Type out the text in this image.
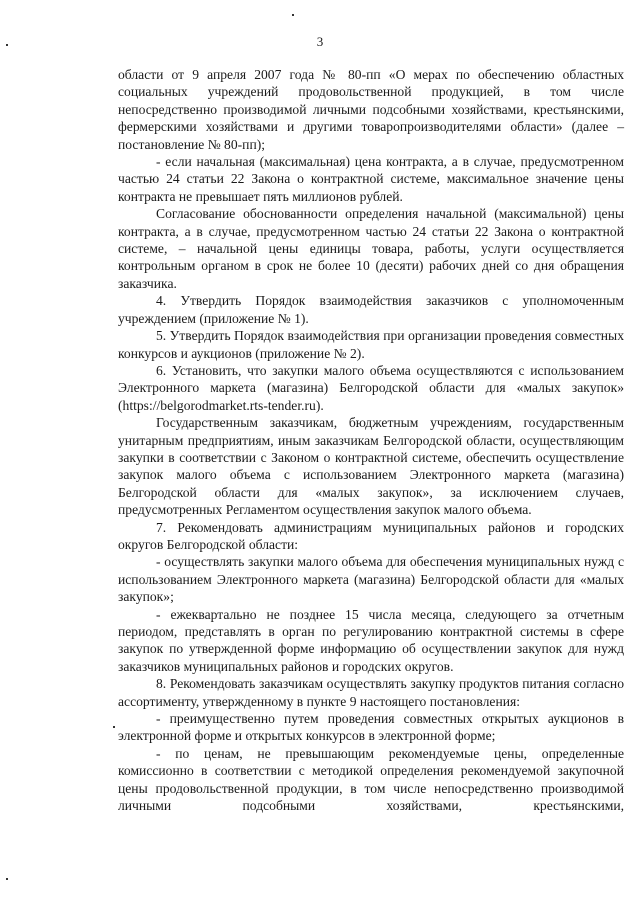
3

области от 9 апреля 2007 года № 80-пп «О мерах по обеспечению областных социальных учреждений продовольственной продукцией, в том числе непосредственно производимой личными подсобными хозяйствами, крестьянскими, фермерскими хозяйствами и другими товаропроизводителями области» (далее – постановление № 80-пп);

- если начальная (максимальная) цена контракта, а в случае, предусмотренном частью 24 статьи 22 Закона о контрактной системе, максимальное значение цены контракта не превышает пять миллионов рублей.

Согласование обоснованности определения начальной (максимальной) цены контракта, а в случае, предусмотренном частью 24 статьи 22 Закона о контрактной системе, – начальной цены единицы товара, работы, услуги осуществляется контрольным органом в срок не более 10 (десяти) рабочих дней со дня обращения заказчика.

4. Утвердить Порядок взаимодействия заказчиков с уполномоченным учреждением (приложение № 1).

5. Утвердить Порядок взаимодействия при организации проведения совместных конкурсов и аукционов (приложение № 2).

6. Установить, что закупки малого объема осуществляются с использованием Электронного маркета (магазина) Белгородской области для «малых закупок» (https://belgorodmarket.rts-tender.ru).

Государственным заказчикам, бюджетным учреждениям, государственным унитарным предприятиям, иным заказчикам Белгородской области, осуществляющим закупки в соответствии с Законом о контрактной системе, обеспечить осуществление закупок малого объема с использованием Электронного маркета (магазина) Белгородской области для «малых закупок», за исключением случаев, предусмотренных Регламентом осуществления закупок малого объема.

7. Рекомендовать администрациям муниципальных районов и городских округов Белгородской области:

- осуществлять закупки малого объема для обеспечения муниципальных нужд с использованием Электронного маркета (магазина) Белгородской области для «малых закупок»;

- ежеквартально не позднее 15 числа месяца, следующего за отчетным периодом, представлять в орган по регулированию контрактной системы в сфере закупок по утвержденной форме информацию об осуществлении закупок для нужд заказчиков муниципальных районов и городских округов.

8. Рекомендовать заказчикам осуществлять закупку продуктов питания согласно ассортименту, утвержденному в пункте 9 настоящего постановления:

- преимущественно путем проведения совместных открытых аукционов в электронной форме и открытых конкурсов в электронной форме;

- по ценам, не превышающим рекомендуемые цены, определенные комиссионно в соответствии с методикой определения рекомендуемой закупочной цены продовольственной продукции, в том числе непосредственно производимой личными подсобными хозяйствами, крестьянскими,
